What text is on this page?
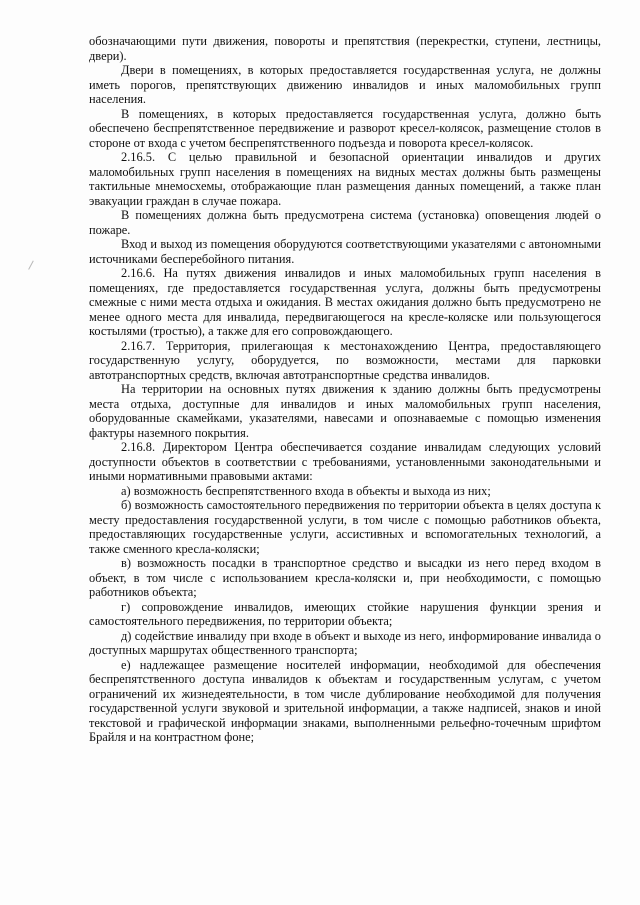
обозначающими пути движения, повороты и препятствия (перекрестки, ступени, лестницы, двери).

Двери в помещениях, в которых предоставляется государственная услуга, не должны иметь порогов, препятствующих движению инвалидов и иных маломобильных групп населения.

В помещениях, в которых предоставляется государственная услуга, должно быть обеспечено беспрепятственное передвижение и разворот кресел-колясок, размещение столов в стороне от входа с учетом беспрепятственного подъезда и поворота кресел-колясок.

2.16.5. С целью правильной и безопасной ориентации инвалидов и других маломобильных групп населения в помещениях на видных местах должны быть размещены тактильные мнемосхемы, отображающие план размещения данных помещений, а также план эвакуации граждан в случае пожара.

В помещениях должна быть предусмотрена система (установка) оповещения людей о пожаре.

Вход и выход из помещения оборудуются соответствующими указателями с автономными источниками бесперебойного питания.

2.16.6. На путях движения инвалидов и иных маломобильных групп населения в помещениях, где предоставляется государственная услуга, должны быть предусмотрены смежные с ними места отдыха и ожидания. В местах ожидания должно быть предусмотрено не менее одного места для инвалида, передвигающегося на кресле-коляске или пользующегося костылями (тростью), а также для его сопровождающего.

2.16.7. Территория, прилегающая к местонахождению Центра, предоставляющего государственную услугу, оборудуется, по возможности, местами для парковки автотранспортных средств, включая автотранспортные средства инвалидов.

На территории на основных путях движения к зданию должны быть предусмотрены места отдыха, доступные для инвалидов и иных маломобильных групп населения, оборудованные скамейками, указателями, навесами и опознаваемые с помощью изменения фактуры наземного покрытия.

2.16.8. Директором Центра обеспечивается создание инвалидам следующих условий доступности объектов в соответствии с требованиями, установленными законодательными и иными нормативными правовыми актами:

а) возможность беспрепятственного входа в объекты и выхода из них;

б) возможность самостоятельного передвижения по территории объекта в целях доступа к месту предоставления государственной услуги, в том числе с помощью работников объекта, предоставляющих государственные услуги, ассистивных и вспомогательных технологий, а также сменного кресла-коляски;

в) возможность посадки в транспортное средство и высадки из него перед входом в объект, в том числе с использованием кресла-коляски и, при необходимости, с помощью работников объекта;

г) сопровождение инвалидов, имеющих стойкие нарушения функции зрения и самостоятельного передвижения, по территории объекта;

д) содействие инвалиду при входе в объект и выходе из него, информирование инвалида о доступных маршрутах общественного транспорта;

е) надлежащее размещение носителей информации, необходимой для обеспечения беспрепятственного доступа инвалидов к объектам и государственным услугам, с учетом ограничений их жизнедеятельности, в том числе дублирование необходимой для получения государственной услуги звуковой и зрительной информации, а также надписей, знаков и иной текстовой и графической информации знаками, выполненными рельефно-точечным шрифтом Брайля и на контрастном фоне;
